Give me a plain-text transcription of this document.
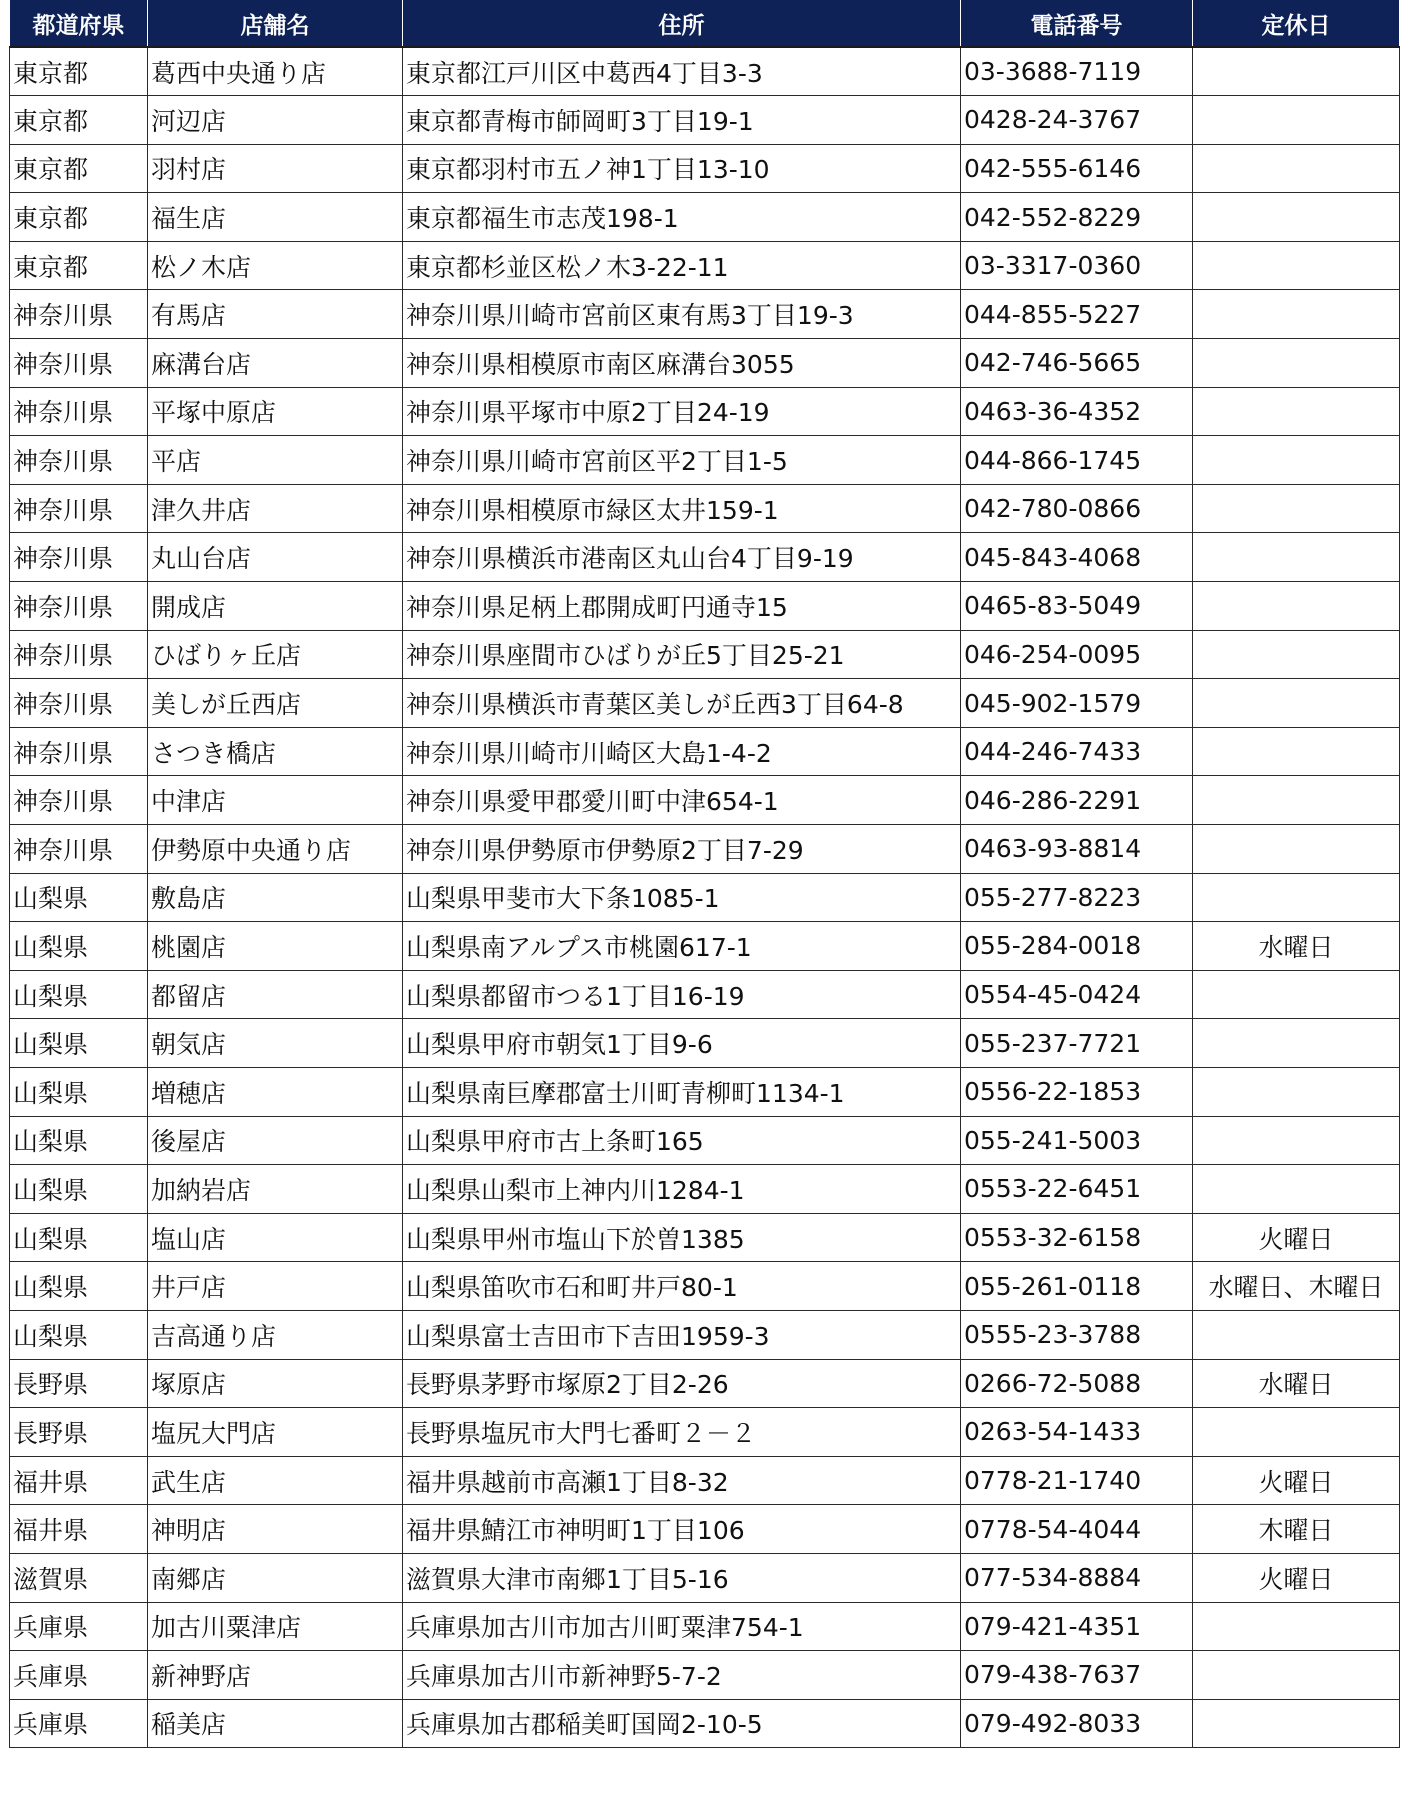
都道府県	店舗名	住所	電話番号	定休日
東京都	葛西中央通り店	東京都江戸川区中葛西4丁目3-3	03-3688-7119	
東京都	河辺店	東京都青梅市師岡町3丁目19-1	0428-24-3767	
東京都	羽村店	東京都羽村市五ノ神1丁目13-10	042-555-6146	
東京都	福生店	東京都福生市志茂198-1	042-552-8229	
東京都	松ノ木店	東京都杉並区松ノ木3-22-11	03-3317-0360	
神奈川県	有馬店	神奈川県川崎市宮前区東有馬3丁目19-3	044-855-5227	
神奈川県	麻溝台店	神奈川県相模原市南区麻溝台3055	042-746-5665	
神奈川県	平塚中原店	神奈川県平塚市中原2丁目24-19	0463-36-4352	
神奈川県	平店	神奈川県川崎市宮前区平2丁目1-5	044-866-1745	
神奈川県	津久井店	神奈川県相模原市緑区太井159-1	042-780-0866	
神奈川県	丸山台店	神奈川県横浜市港南区丸山台4丁目9-19	045-843-4068	
神奈川県	開成店	神奈川県足柄上郡開成町円通寺15	0465-83-5049	
神奈川県	ひばりヶ丘店	神奈川県座間市ひばりが丘5丁目25-21	046-254-0095	
神奈川県	美しが丘西店	神奈川県横浜市青葉区美しが丘西3丁目64-8	045-902-1579	
神奈川県	さつき橋店	神奈川県川崎市川崎区大島1-4-2	044-246-7433	
神奈川県	中津店	神奈川県愛甲郡愛川町中津654-1	046-286-2291	
神奈川県	伊勢原中央通り店	神奈川県伊勢原市伊勢原2丁目7-29	0463-93-8814	
山梨県	敷島店	山梨県甲斐市大下条1085-1	055-277-8223	
山梨県	桃園店	山梨県南アルプス市桃園617-1	055-284-0018	水曜日
山梨県	都留店	山梨県都留市つる1丁目16-19	0554-45-0424	
山梨県	朝気店	山梨県甲府市朝気1丁目9-6	055-237-7721	
山梨県	増穂店	山梨県南巨摩郡富士川町青柳町1134-1	0556-22-1853	
山梨県	後屋店	山梨県甲府市古上条町165	055-241-5003	
山梨県	加納岩店	山梨県山梨市上神内川1284-1	0553-22-6451	
山梨県	塩山店	山梨県甲州市塩山下於曽1385	0553-32-6158	火曜日
山梨県	井戸店	山梨県笛吹市石和町井戸80-1	055-261-0118	水曜日、木曜日
山梨県	吉高通り店	山梨県富士吉田市下吉田1959-3	0555-23-3788	
長野県	塚原店	長野県茅野市塚原2丁目2-26	0266-72-5088	水曜日
長野県	塩尻大門店	長野県塩尻市大門七番町２－２	0263-54-1433	
福井県	武生店	福井県越前市高瀬1丁目8-32	0778-21-1740	火曜日
福井県	神明店	福井県鯖江市神明町1丁目106	0778-54-4044	木曜日
滋賀県	南郷店	滋賀県大津市南郷1丁目5-16	077-534-8884	火曜日
兵庫県	加古川粟津店	兵庫県加古川市加古川町粟津754-1	079-421-4351	
兵庫県	新神野店	兵庫県加古川市新神野5-7-2	079-438-7637	
兵庫県	稲美店	兵庫県加古郡稲美町国岡2-10-5	079-492-8033	
